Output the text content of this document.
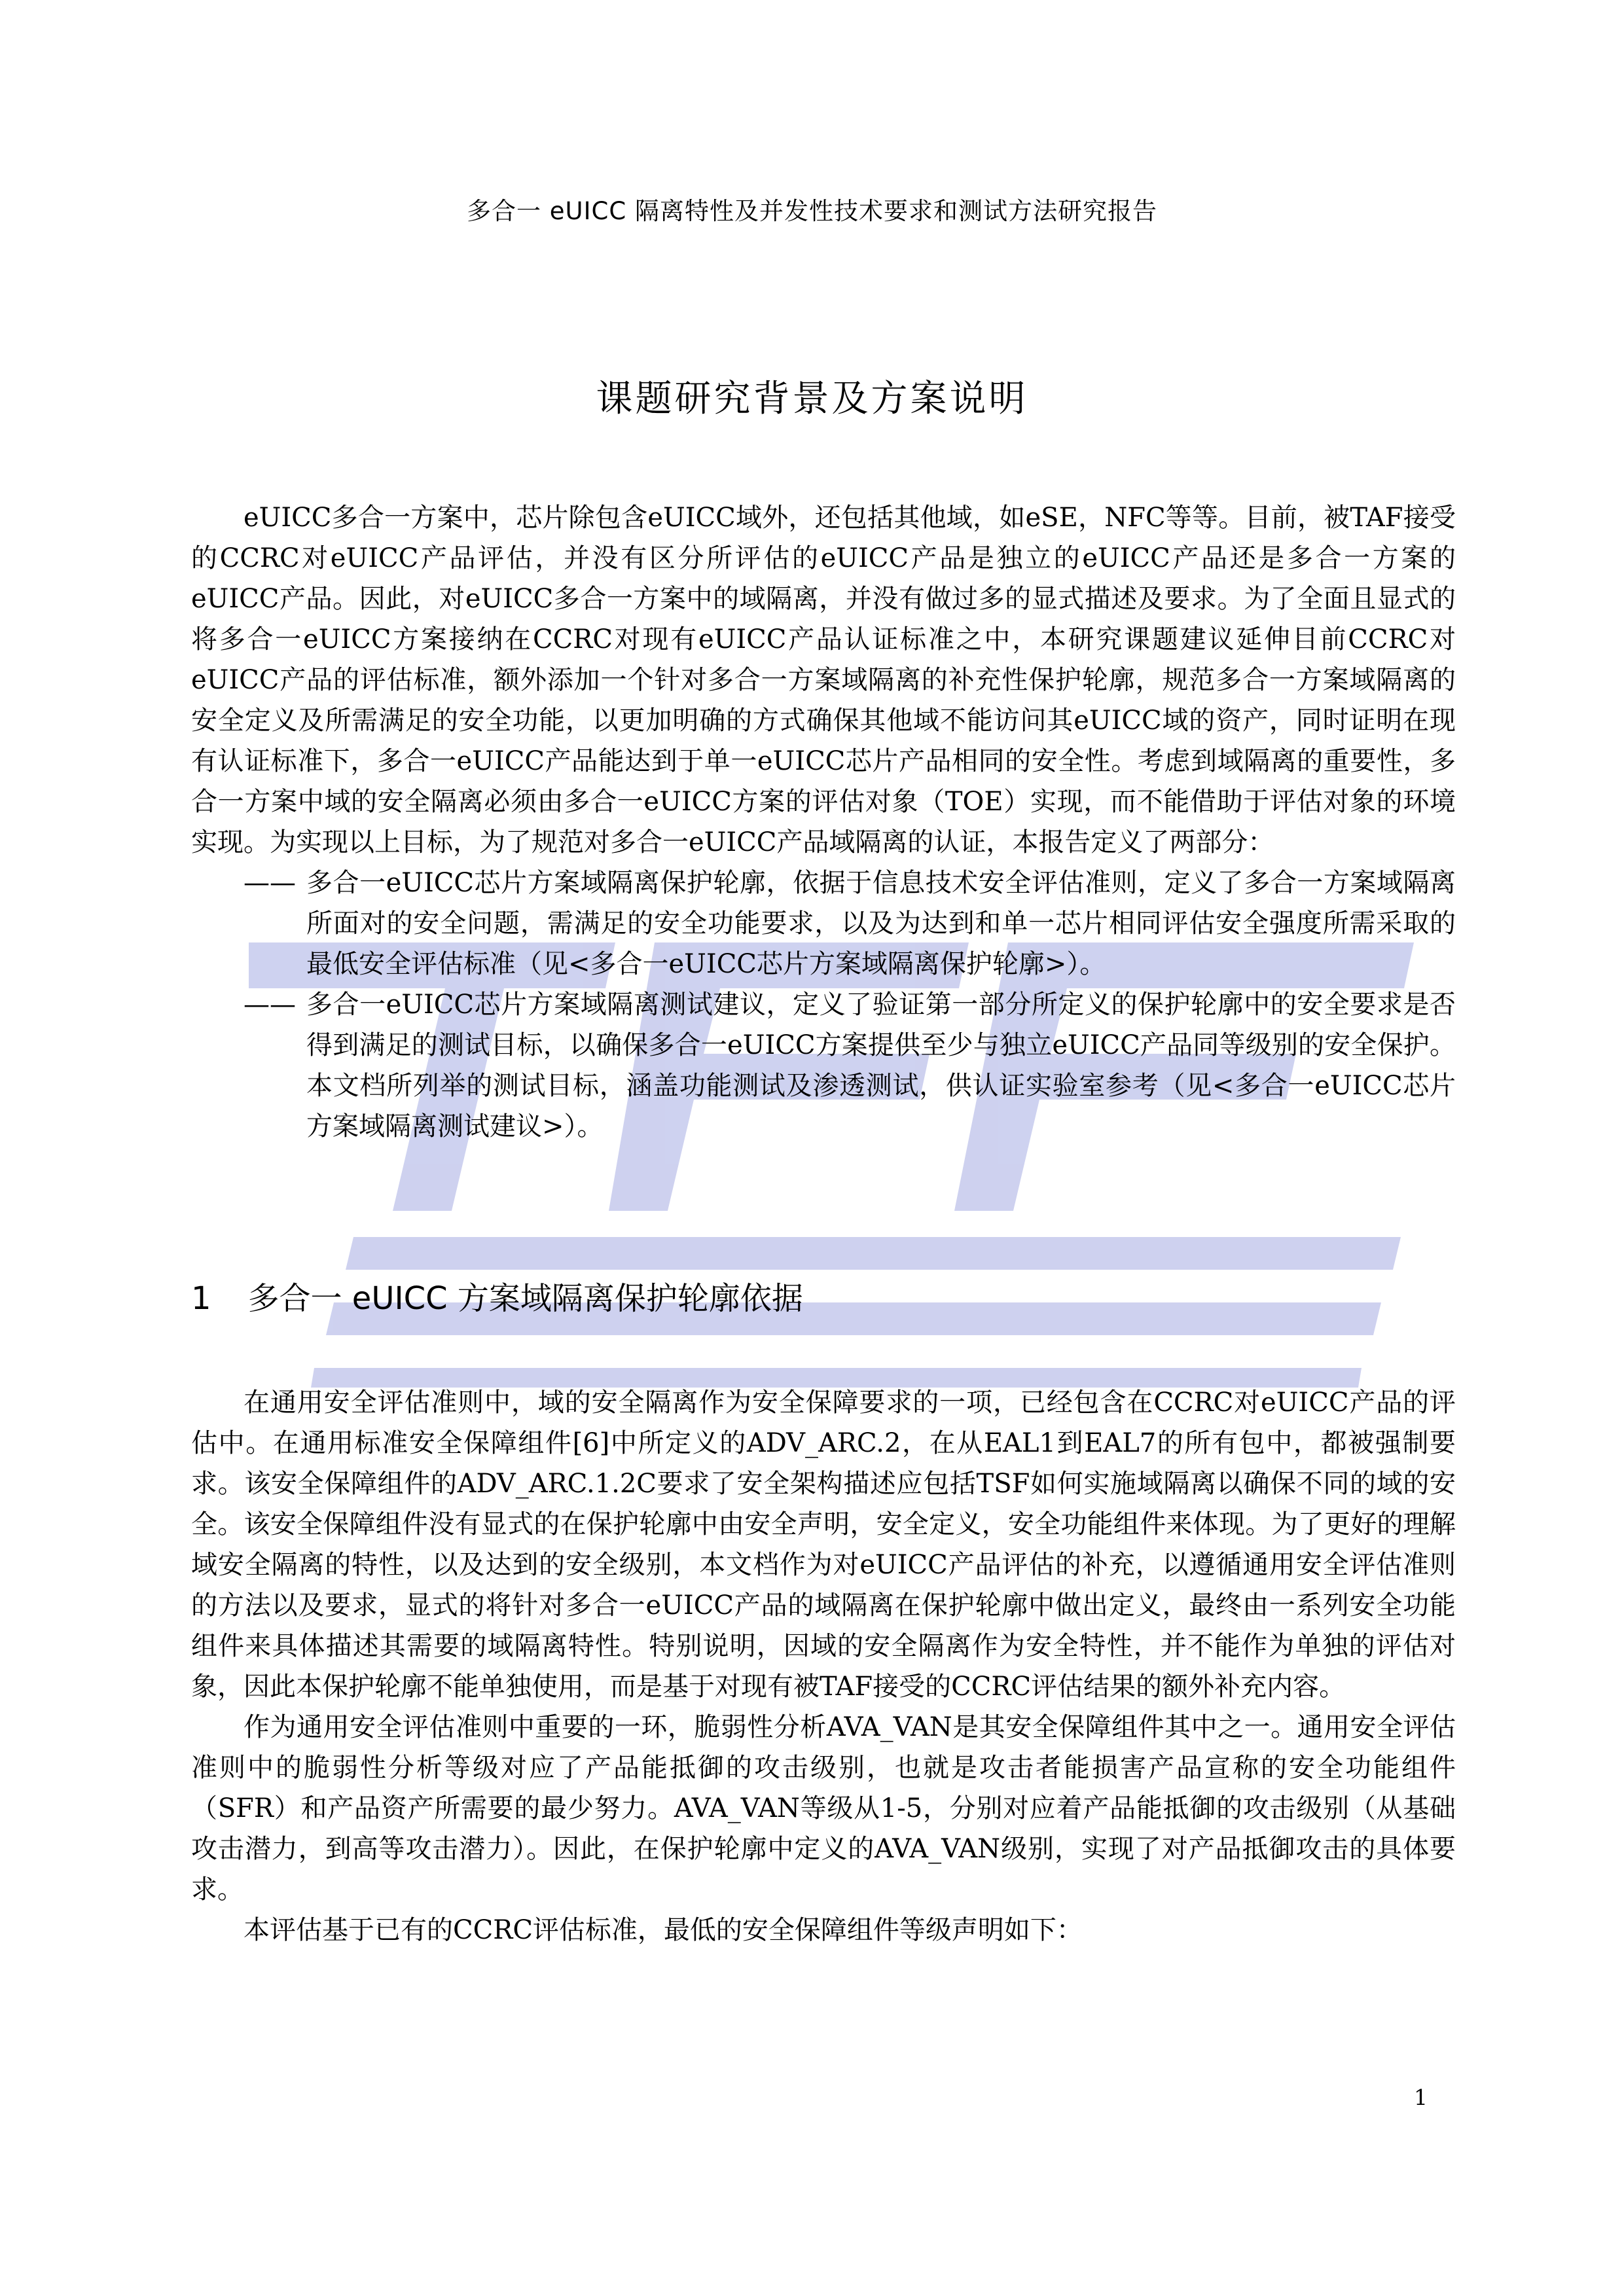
多合一 eUICC 隔离特性及并发性技术要求和测试方法研究报告
课题研究背景及方案说明

eUICC多合一方案中，芯片除包含eUICC域外，还包括其他域，如eSE，NFC等等。目前，被TAF接受的CCRC对eUICC产品评估，并没有区分所评估的eUICC产品是独立的eUICC产品还是多合一方案的eUICC产品。因此，对eUICC多合一方案中的域隔离，并没有做过多的显式描述及要求。为了全面且显式的将多合一eUICC方案接纳在CCRC对现有eUICC产品认证标准之中，本研究课题建议延伸目前CCRC对eUICC产品的评估标准，额外添加一个针对多合一方案域隔离的补充性保护轮廓，规范多合一方案域隔离的安全定义及所需满足的安全功能，以更加明确的方式确保其他域不能访问其eUICC域的资产，同时证明在现有认证标准下，多合一eUICC产品能达到于单一eUICC芯片产品相同的安全性。考虑到域隔离的重要性，多合一方案中域的安全隔离必须由多合一eUICC方案的评估对象（TOE）实现，而不能借助于评估对象的环境实现。为实现以上目标，为了规范对多合一eUICC产品域隔离的认证，本报告定义了两部分：

—— 多合一eUICC芯片方案域隔离保护轮廓，依据于信息技术安全评估准则，定义了多合一方案域隔离所面对的安全问题，需满足的安全功能要求，以及为达到和单一芯片相同评估安全强度所需采取的最低安全评估标准（见<多合一eUICC芯片方案域隔离保护轮廓>）。
—— 多合一eUICC芯片方案域隔离测试建议，定义了验证第一部分所定义的保护轮廓中的安全要求是否得到满足的测试目标，以确保多合一eUICC方案提供至少与独立eUICC产品同等级别的安全保护。本文档所列举的测试目标，涵盖功能测试及渗透测试，供认证实验室参考（见<多合一eUICC芯片方案域隔离测试建议>）。
1 多合一 eUICC 方案域隔离保护轮廓依据

在通用安全评估准则中，域的安全隔离作为安全保障要求的一项，已经包含在CCRC对eUICC产品的评估中。在通用标准安全保障组件[6]中所定义的ADV_ARC.2，在从EAL1到EAL7的所有包中，都被强制要求。该安全保障组件的ADV_ARC.1.2C要求了安全架构描述应包括TSF如何实施域隔离以确保不同的域的安全。该安全保障组件没有显式的在保护轮廓中由安全声明，安全定义，安全功能组件来体现。为了更好的理解域安全隔离的特性，以及达到的安全级别，本文档作为对eUICC产品评估的补充，以遵循通用安全评估准则的方法以及要求，显式的将针对多合一eUICC产品的域隔离在保护轮廓中做出定义，最终由一系列安全功能组件来具体描述其需要的域隔离特性。特别说明，因域的安全隔离作为安全特性，并不能作为单独的评估对象，因此本保护轮廓不能单独使用，而是基于对现有被TAF接受的CCRC评估结果的额外补充内容。

作为通用安全评估准则中重要的一环，脆弱性分析AVA_VAN是其安全保障组件其中之一。通用安全评估准则中的脆弱性分析等级对应了产品能抵御的攻击级别，也就是攻击者能损害产品宣称的安全功能组件（SFR）和产品资产所需要的最少努力。AVA_VAN等级从1-5，分别对应着产品能抵御的攻击级别（从基础攻击潜力，到高等攻击潜力）。因此，在保护轮廓中定义的AVA_VAN级别，实现了对产品抵御攻击的具体要求。

本评估基于已有的CCRC评估标准，最低的安全保障组件等级声明如下：

1
